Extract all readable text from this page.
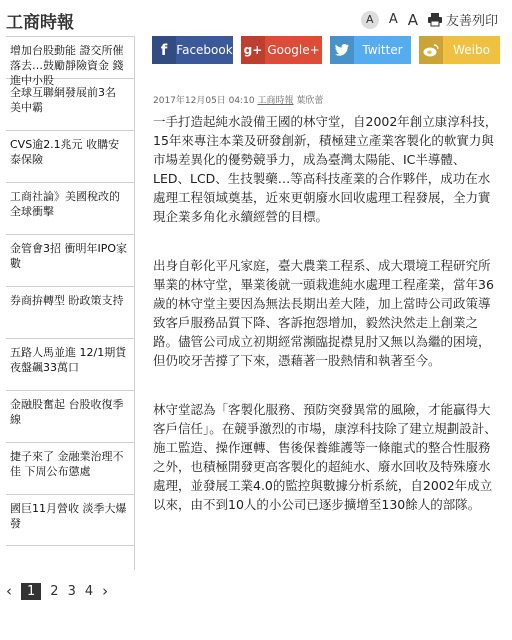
工商時報	A	A A 友善列印
增加台股動能 證交所催落去…鼓勵靜險資金 錢進中小股
全球互聯網發展前3名 美中霸
CVS逾2.1兆元 收購安泰保險
工商社論》美國稅改的全球衝擊
金管會3招 衝明年IPO家數
券商拚轉型 盼政策支持
五路人馬並進 12/1期貨夜盤飆33萬口
金融股奮起 台股收復季線
捷子來了 金融業治理不佳 下周公布懲處
國巨11月營收 淡季大爆發
‹	1	2 3 4 ›
f Facebook g+ Google+	Twitter	Weibo
2017年12月05日 04:10 工商時報 葉欣蕾

一手打造起純水設備王國的林守堂，自2002年創立康淳科技，15年來專注本業及研發創新，積極建立產業客製化的軟實力與市場差異化的優勢競爭力，成為臺灣太陽能、IC半導體、LED、LCD、生技製藥…等高科技產業的合作夥伴，成功在水處理工程領域奠基，近來更朝廢水回收處理工程發展，全力實現企業多角化永續經營的目標。

出身自彰化平凡家庭，臺大農業工程系、成大環境工程研究所畢業的林守堂，畢業後就一頭栽進純水處理工程產業，當年36歲的林守堂主要因為無法長期出差大陸，加上當時公司政策導致客戶服務品質下降、客訴抱怨增加，毅然決然走上創業之路。儘管公司成立初期經常瀕臨捉襟見肘又無以為繼的困境，但仍咬牙苦撐了下來，憑藉著一股熱情和執著至今。

林守堂認為「客製化服務、預防突發異常的風險，才能贏得大客戶信任」。在競爭激烈的市場，康淳科技除了建立規劃設計、施工監造、操作運轉、售後保養維護等一條龍式的整合性服務之外，也積極開發更高客製化的超純水、廢水回收及特殊廢水處理，並發展工業4.0的監控與數據分析系統，自2002年成立以來，由不到10人的小公司已逐步擴增至130餘人的部隊。
